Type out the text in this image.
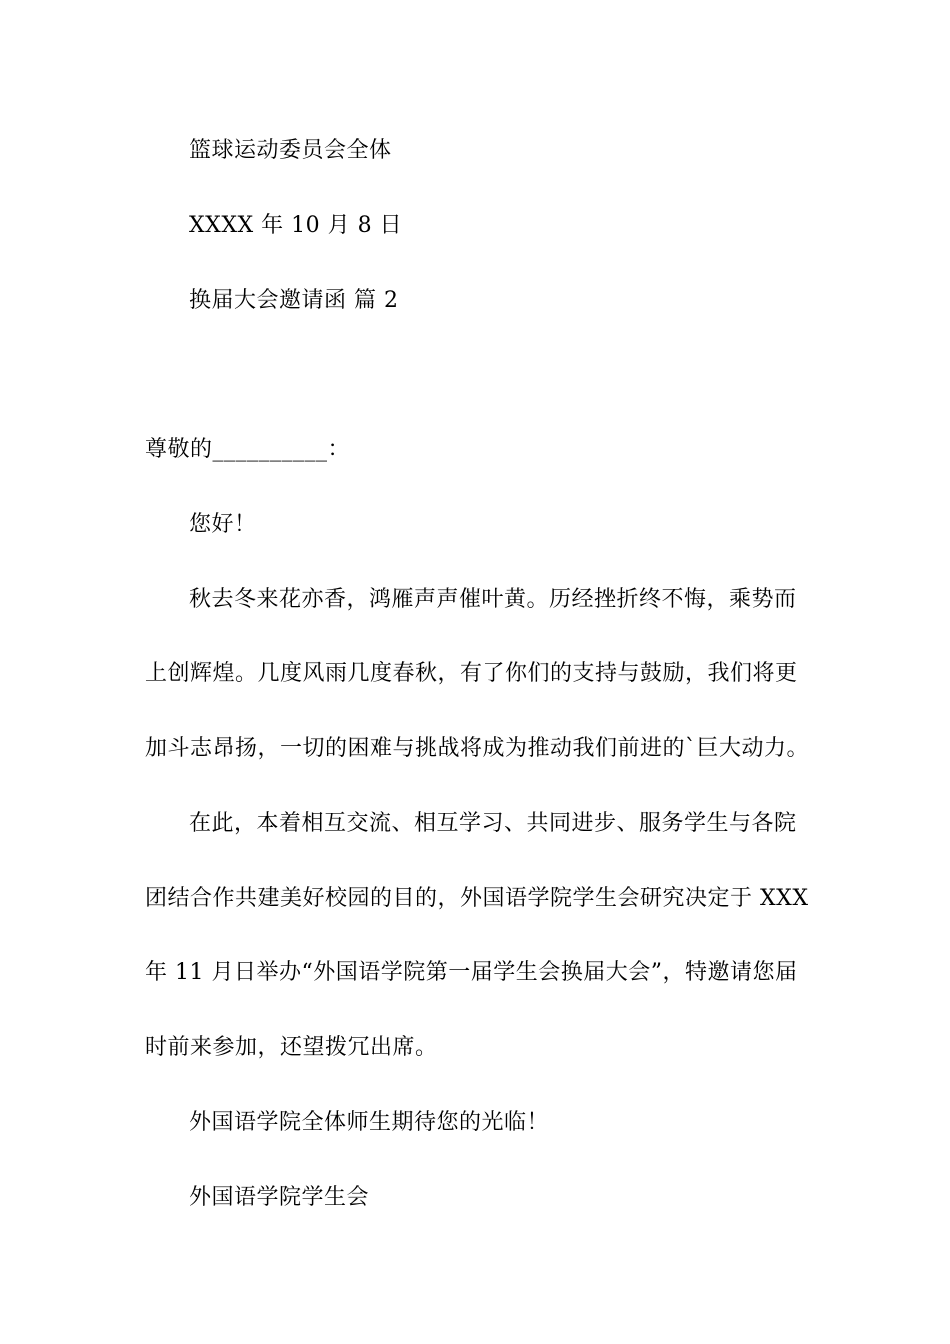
篮球运动委员会全体
XXXX 年 10 月 8 日
换届大会邀请函 篇 2
尊敬的__________：
您好！
秋去冬来花亦香，鸿雁声声催叶黄。历经挫折终不悔，乘势而
上创辉煌。几度风雨几度春秋，有了你们的支持与鼓励，我们将更
加斗志昂扬，一切的困难与挑战将成为推动我们前进的`巨大动力。
在此，本着相互交流、相互学习、共同进步、服务学生与各院
团结合作共建美好校园的目的，外国语学院学生会研究决定于 XXX
年 11 月日举办“外国语学院第一届学生会换届大会”，特邀请您届
时前来参加，还望拨冗出席。
外国语学院全体师生期待您的光临！
外国语学院学生会
